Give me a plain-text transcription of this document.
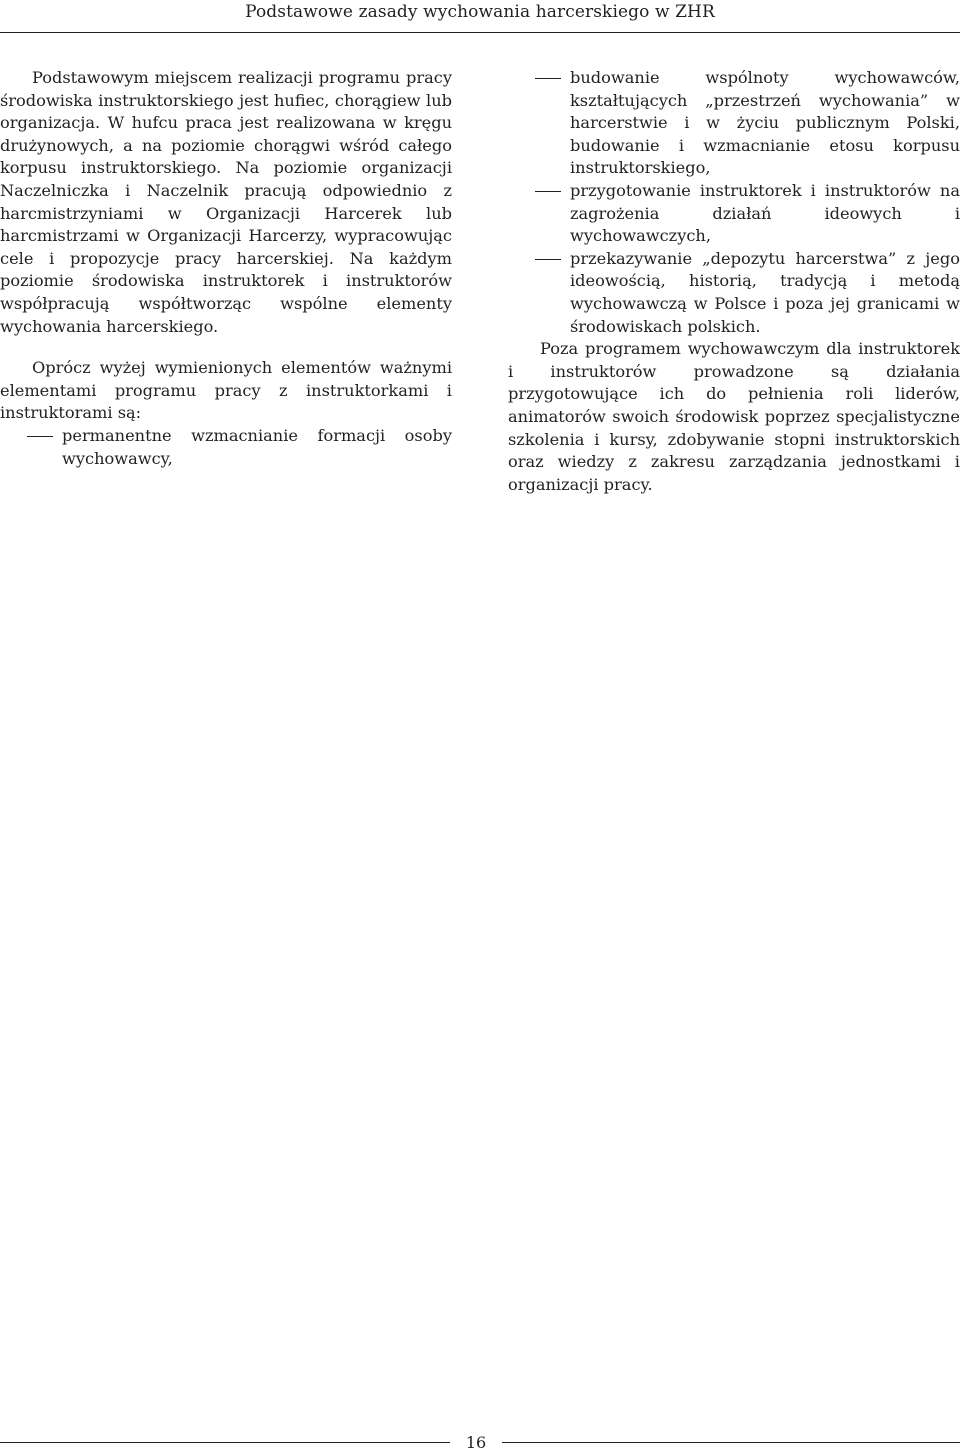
Podstawowe zasady wychowania harcerskiego w ZHR

Podstawowym miejscem realizacji programu pracy środowiska instruktorskiego jest hufiec, chorągiew lub organizacja. W hufcu praca jest realizowana w kręgu drużynowych, a na poziomie chorągwi wśród całego korpusu instruktorskiego. Na poziomie organizacji Naczelniczka i Naczelnik pracują odpowiednio z harcmistrzyniami w Organizacji Harcerek lub harcmistrzami w Organizacji Harcerzy, wypracowując cele i propozycje pracy harcerskiej. Na każdym poziomie środowiska instruktorek i instruktorów współpracują współtworząc wspólne elementy wychowania harcerskiego.

Oprócz wyżej wymienionych elementów ważnymi elementami programu pracy z instruktorkami i instruktorami są:

permanentne wzmacnianie formacji osoby wychowawcy,
budowanie wspólnoty wychowawców, kształtujących „przestrzeń wychowania” w harcerstwie i w życiu publicznym Polski, budowanie i wzmacnianie etosu korpusu instruktorskiego,
przygotowanie instruktorek i instruktorów na zagrożenia działań ideowych i wychowawczych,
przekazywanie „depozytu harcerstwa” z jego ideowością, historią, tradycją i metodą wychowawczą w Polsce i poza jej granicami w środowiskach polskich.

Poza programem wychowawczym dla instruktorek i instruktorów prowadzone są działania przygotowujące ich do pełnienia roli liderów, animatorów swoich środowisk poprzez specjalistyczne szkolenia i kursy, zdobywanie stopni instruktorskich oraz wiedzy z zakresu zarządzania jednostkami i organizacji pracy.

16
